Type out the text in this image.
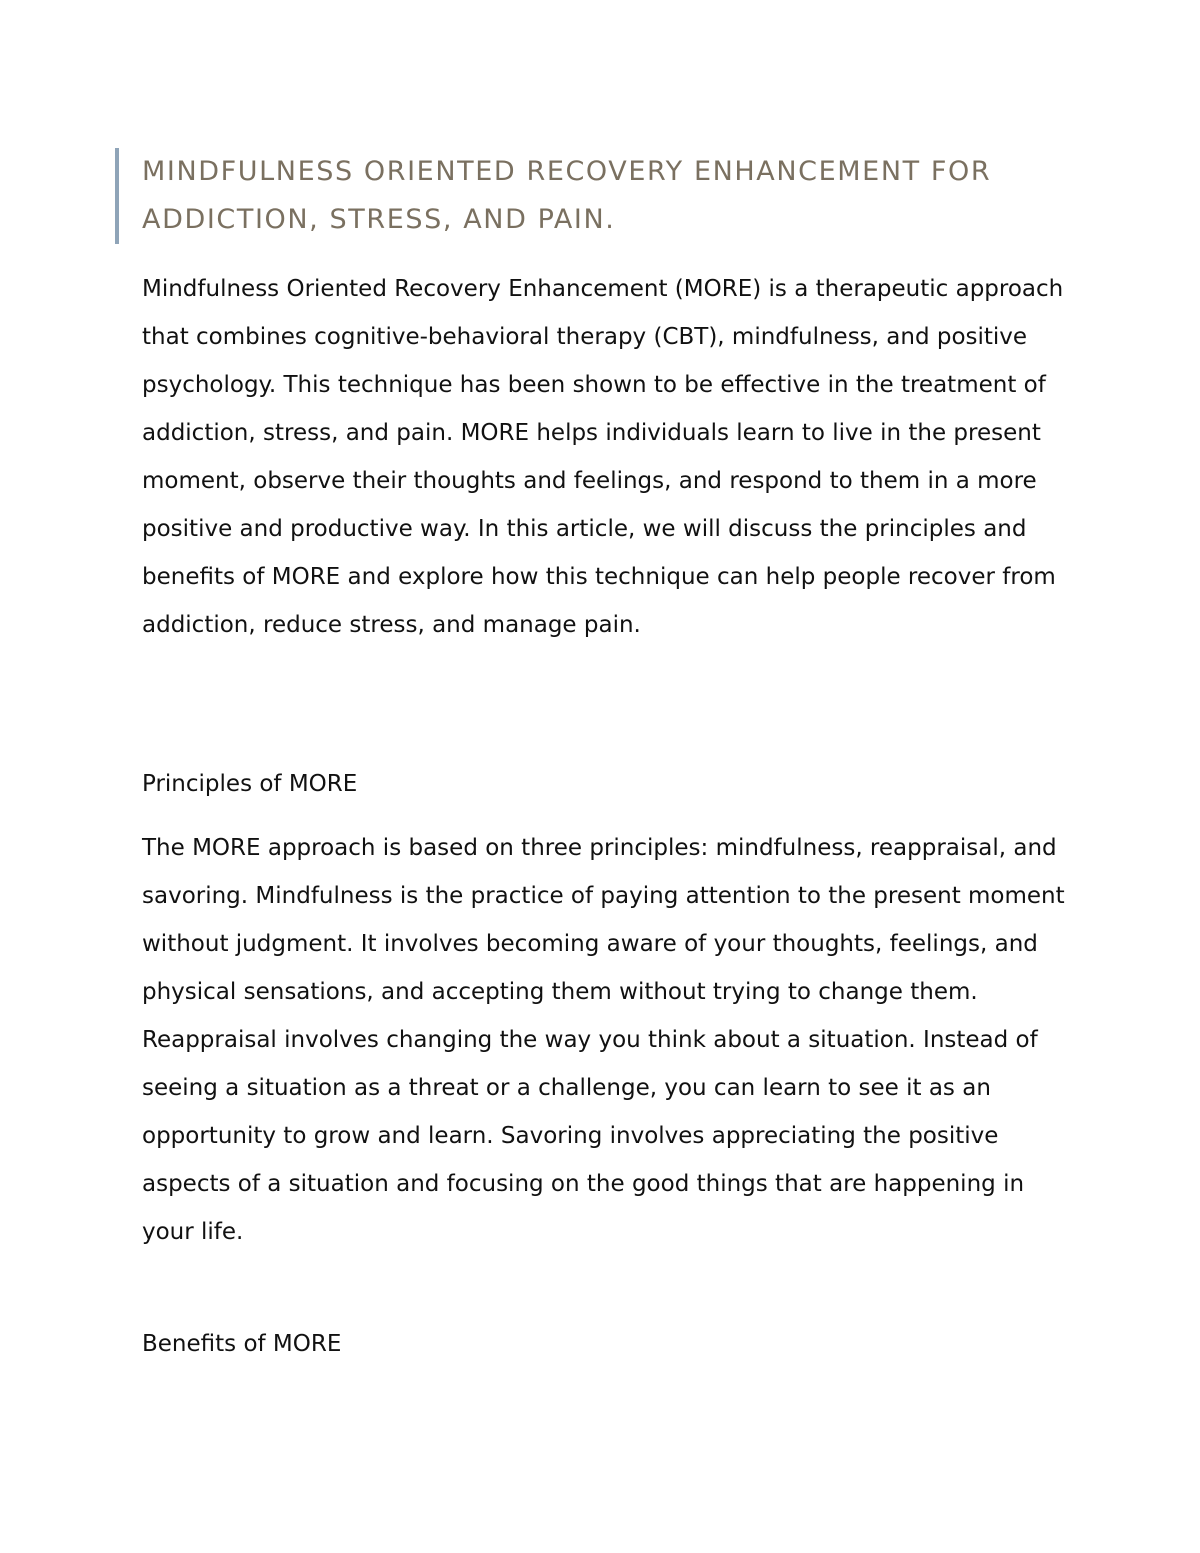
MINDFULNESS ORIENTED RECOVERY ENHANCEMENT FOR ADDICTION, STRESS, AND PAIN.

Mindfulness Oriented Recovery Enhancement (MORE) is a therapeutic approach that combines cognitive-behavioral therapy (CBT), mindfulness, and positive psychology. This technique has been shown to be effective in the treatment of addiction, stress, and pain. MORE helps individuals learn to live in the present moment, observe their thoughts and feelings, and respond to them in a more positive and productive way. In this article, we will discuss the principles and benefits of MORE and explore how this technique can help people recover from addiction, reduce stress, and manage pain.

Principles of MORE

The MORE approach is based on three principles: mindfulness, reappraisal, and savoring. Mindfulness is the practice of paying attention to the present moment without judgment. It involves becoming aware of your thoughts, feelings, and physical sensations, and accepting them without trying to change them. Reappraisal involves changing the way you think about a situation. Instead of seeing a situation as a threat or a challenge, you can learn to see it as an opportunity to grow and learn. Savoring involves appreciating the positive aspects of a situation and focusing on the good things that are happening in your life.

Benefits of MORE
